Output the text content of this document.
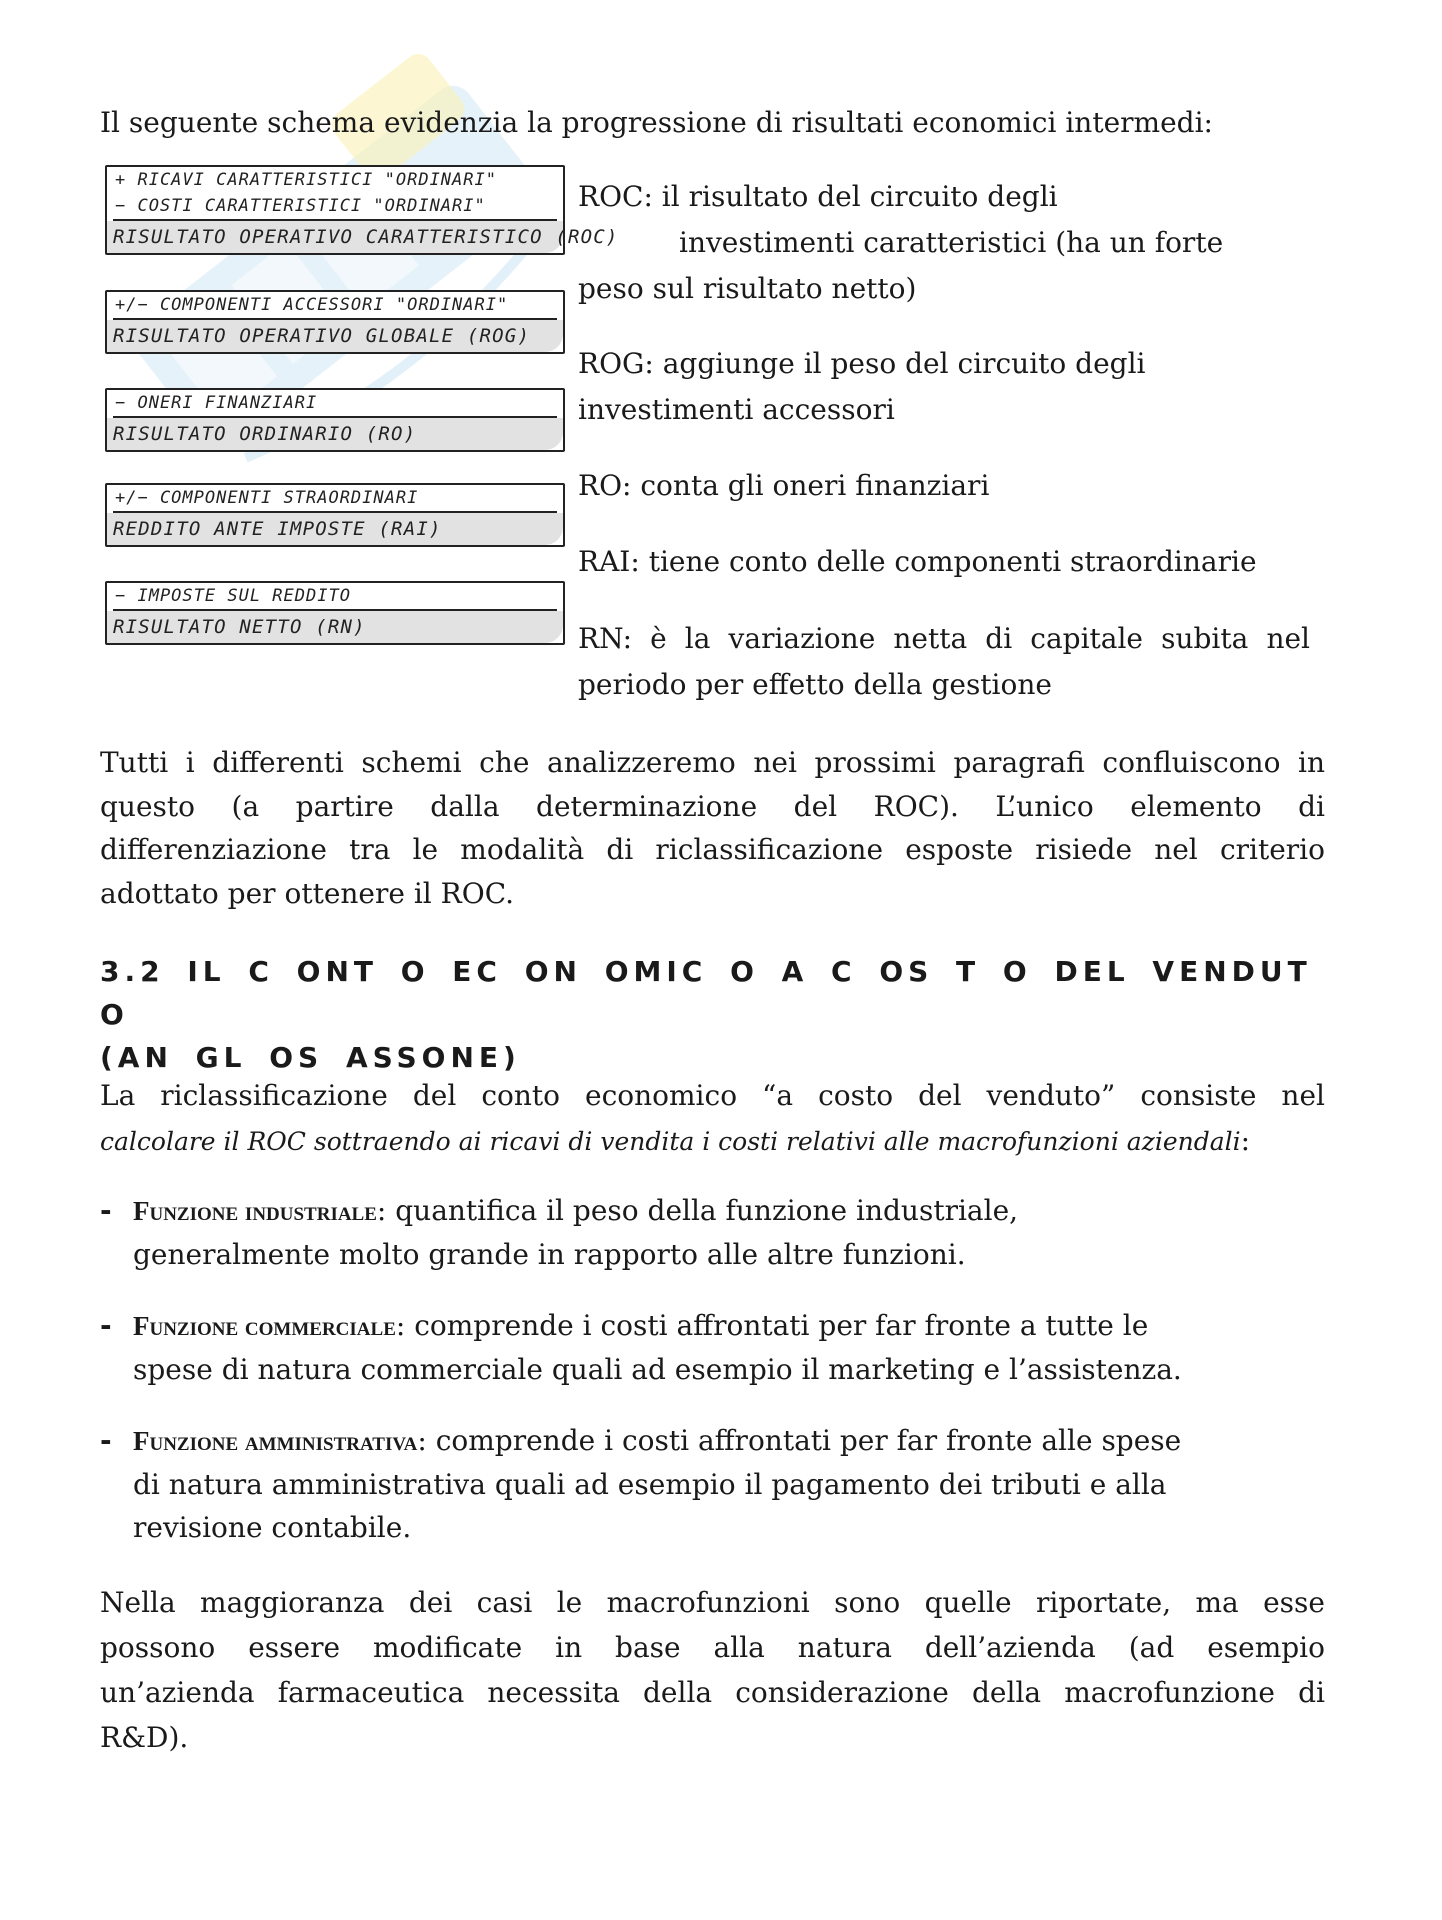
Il seguente schema evidenzia la progressione di risultati economici intermedi:
+ RICAVI CARATTERISTICI "ORDINARI"
− COSTI CARATTERISTICI "ORDINARI"
RISULTATO OPERATIVO CARATTERISTICO (ROC)
+/− COMPONENTI ACCESSORI "ORDINARI"
RISULTATO OPERATIVO GLOBALE (ROG)
− ONERI FINANZIARI
RISULTATO ORDINARIO (RO)
+/− COMPONENTI STRAORDINARI
REDDITO ANTE IMPOSTE (RAI)
− IMPOSTE SUL REDDITO
RISULTATO NETTO (RN)
ROC: il risultato del circuito degli
investimenti caratteristici (ha un forte
peso sul risultato netto)
ROG: aggiunge il peso del circuito degli
investimenti accessori
RO: conta gli oneri finanziari
RAI: tiene conto delle componenti straordinarie
RN: è la variazione netta di capitale subita nel
periodo per effetto della gestione
Tutti i differenti schemi che analizzeremo nei prossimi paragrafi confluiscono in
questo (a partire dalla determinazione del ROC). L’unico elemento di
differenziazione tra le modalità di riclassificazione esposte risiede nel criterio
adottato per ottenere il ROC.
3.2 IL C ONT O EC ON OMIC O A C OS T O DEL VENDUT O
(AN GL OS ASSONE)
La riclassificazione del conto economico “a costo del venduto” consiste nel
calcolare il ROC sottraendo ai ricavi di vendita i costi relativi alle macrofunzioni aziendali:
- Funzione industriale: quantifica il peso della funzione industriale,
generalmente molto grande in rapporto alle altre funzioni.
- Funzione commerciale: comprende i costi affrontati per far fronte a tutte le
spese di natura commerciale quali ad esempio il marketing e l’assistenza.
- Funzione amministrativa: comprende i costi affrontati per far fronte alle spese
di natura amministrativa quali ad esempio il pagamento dei tributi e alla
revisione contabile.
Nella maggioranza dei casi le macrofunzioni sono quelle riportate, ma esse
possono essere modificate in base alla natura dell’azienda (ad esempio
un’azienda farmaceutica necessita della considerazione della macrofunzione di
R&D).
